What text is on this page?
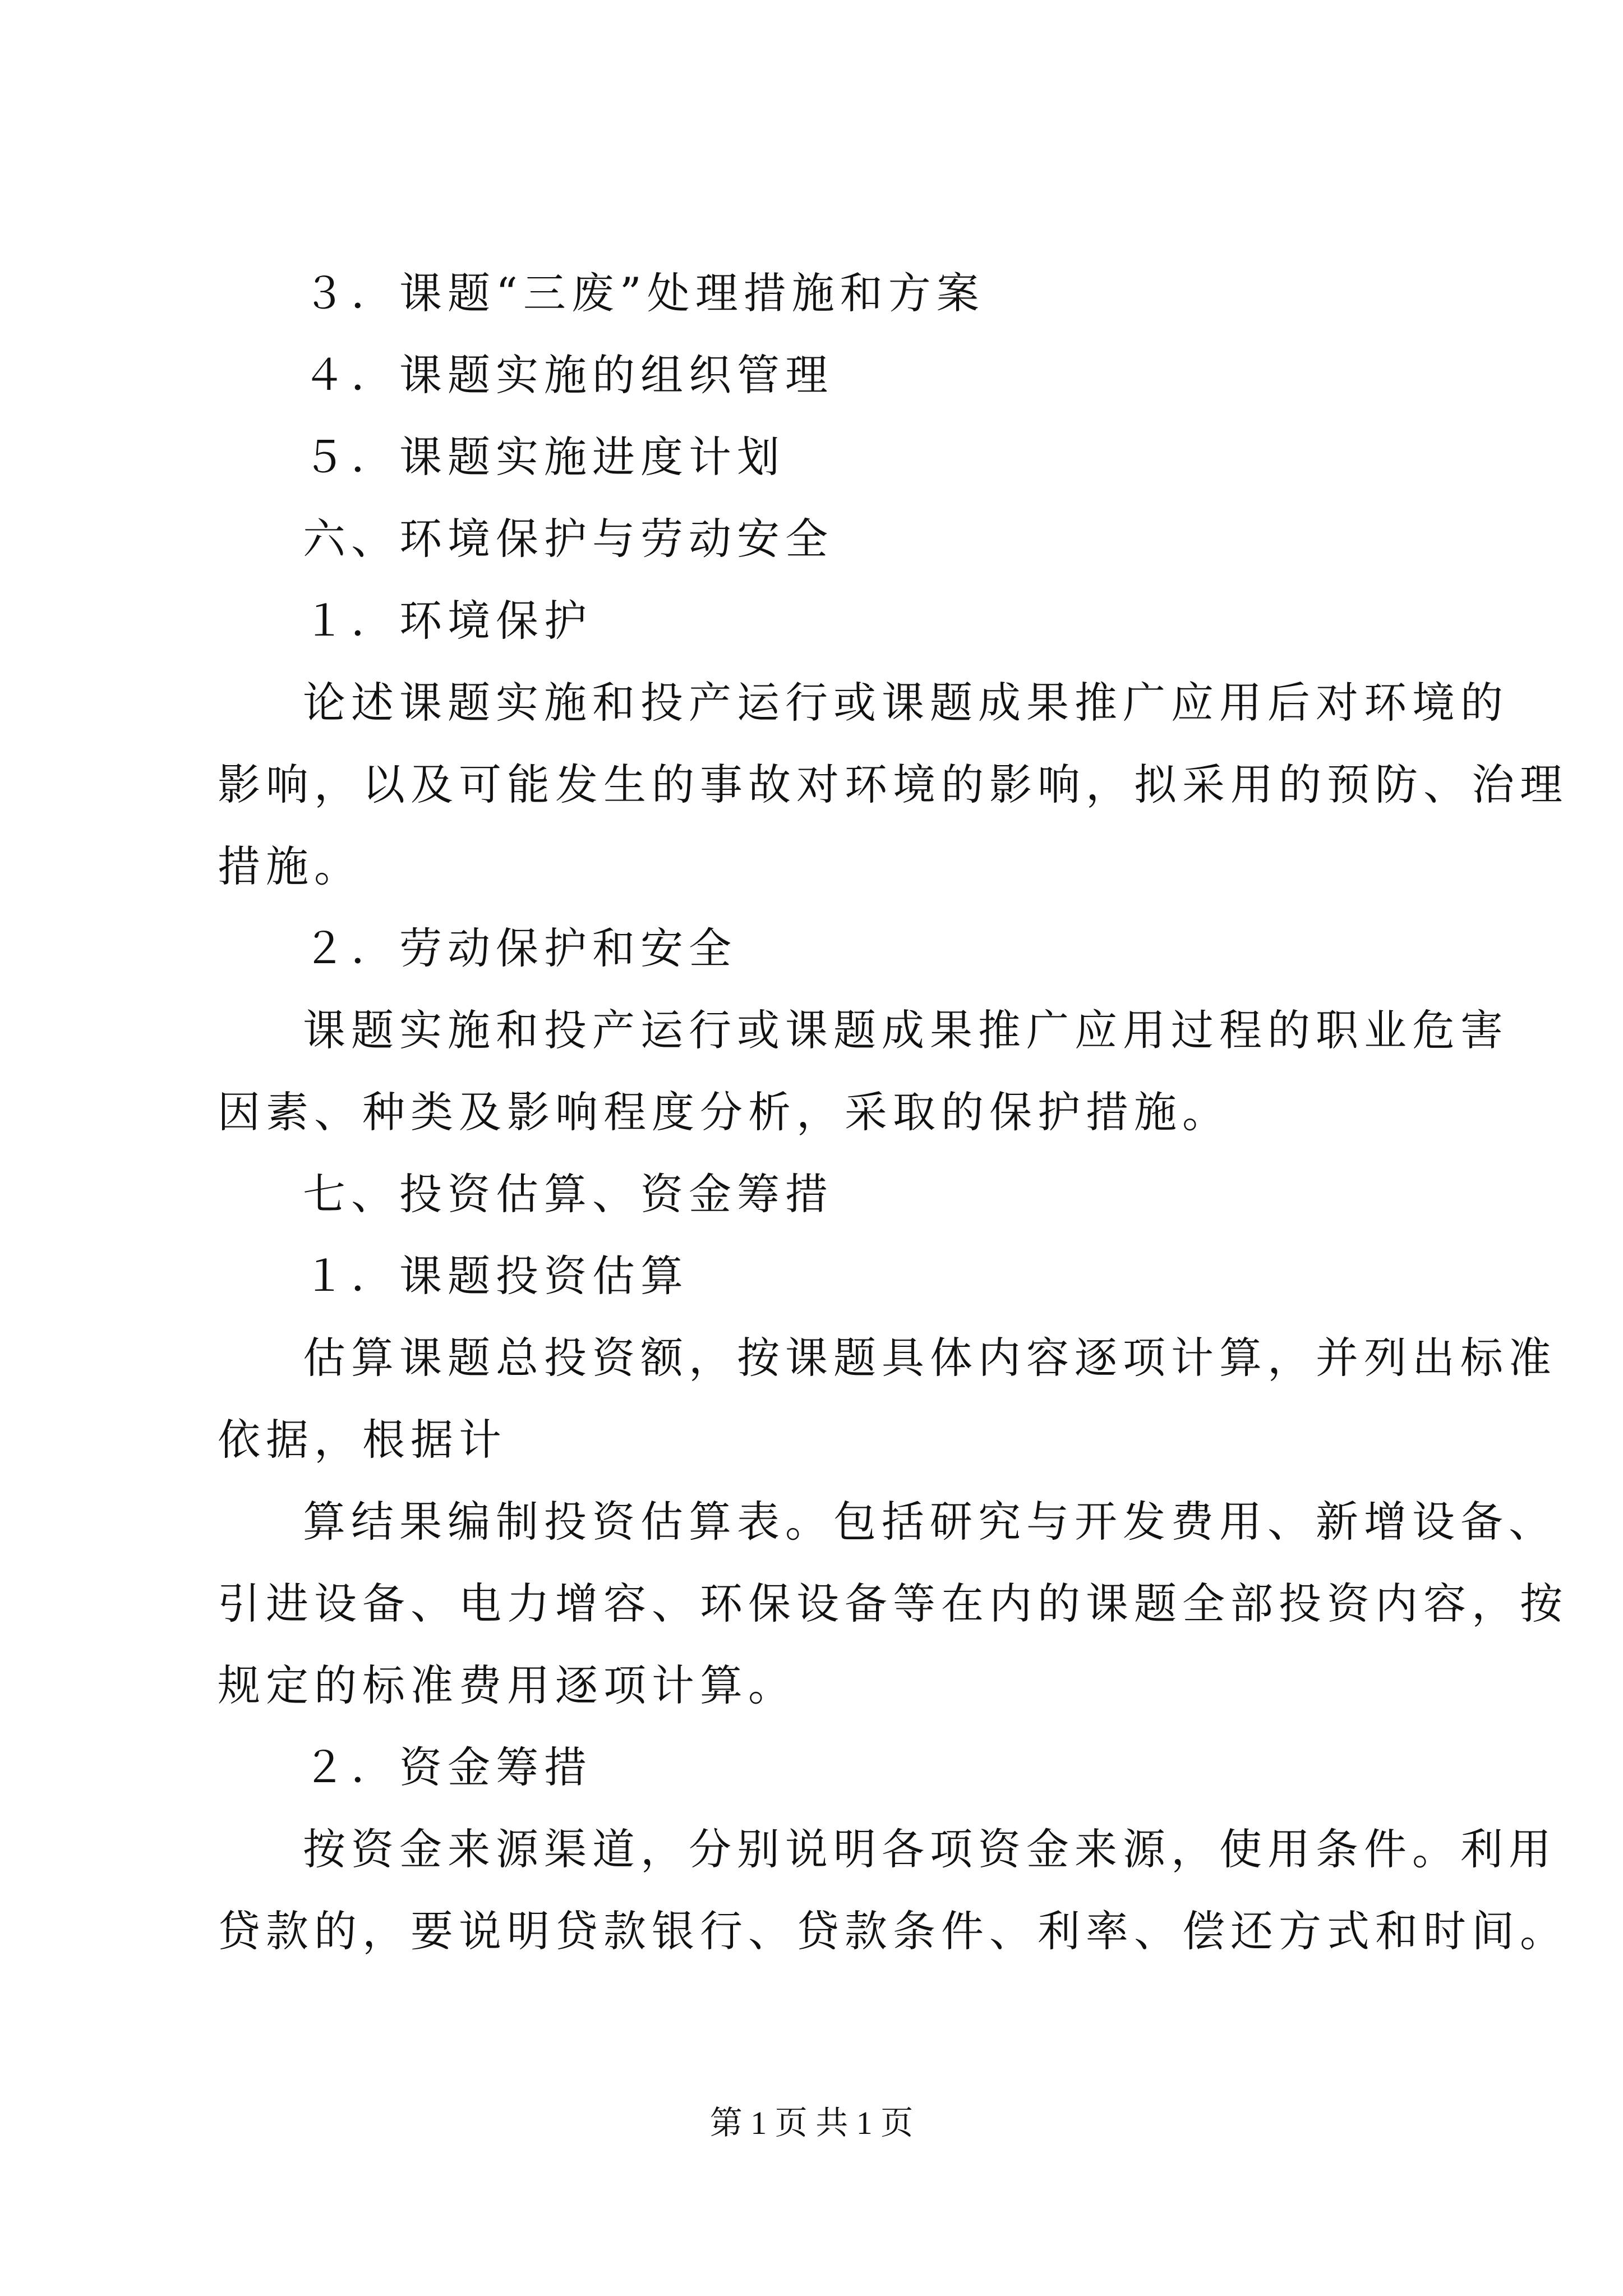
３．课题“三废”处理措施和方案

４．课题实施的组织管理

５．课题实施进度计划

六、环境保护与劳动安全

１．环境保护

论述课题实施和投产运行或课题成果推广应用后对环境的

影响，以及可能发生的事故对环境的影响，拟采用的预防、治理

措施。

２．劳动保护和安全

课题实施和投产运行或课题成果推广应用过程的职业危害

因素、种类及影响程度分析，采取的保护措施。

七、投资估算、资金筹措

１．课题投资估算

估算课题总投资额，按课题具体内容逐项计算，并列出标准

依据，根据计

算结果编制投资估算表。包括研究与开发费用、新增设备、

引进设备、电力增容、环保设备等在内的课题全部投资内容，按

规定的标准费用逐项计算。

２．资金筹措

按资金来源渠道，分别说明各项资金来源，使用条件。利用

贷款的，要说明贷款银行、贷款条件、利率、偿还方式和时间。

第 1 页 共 1 页
